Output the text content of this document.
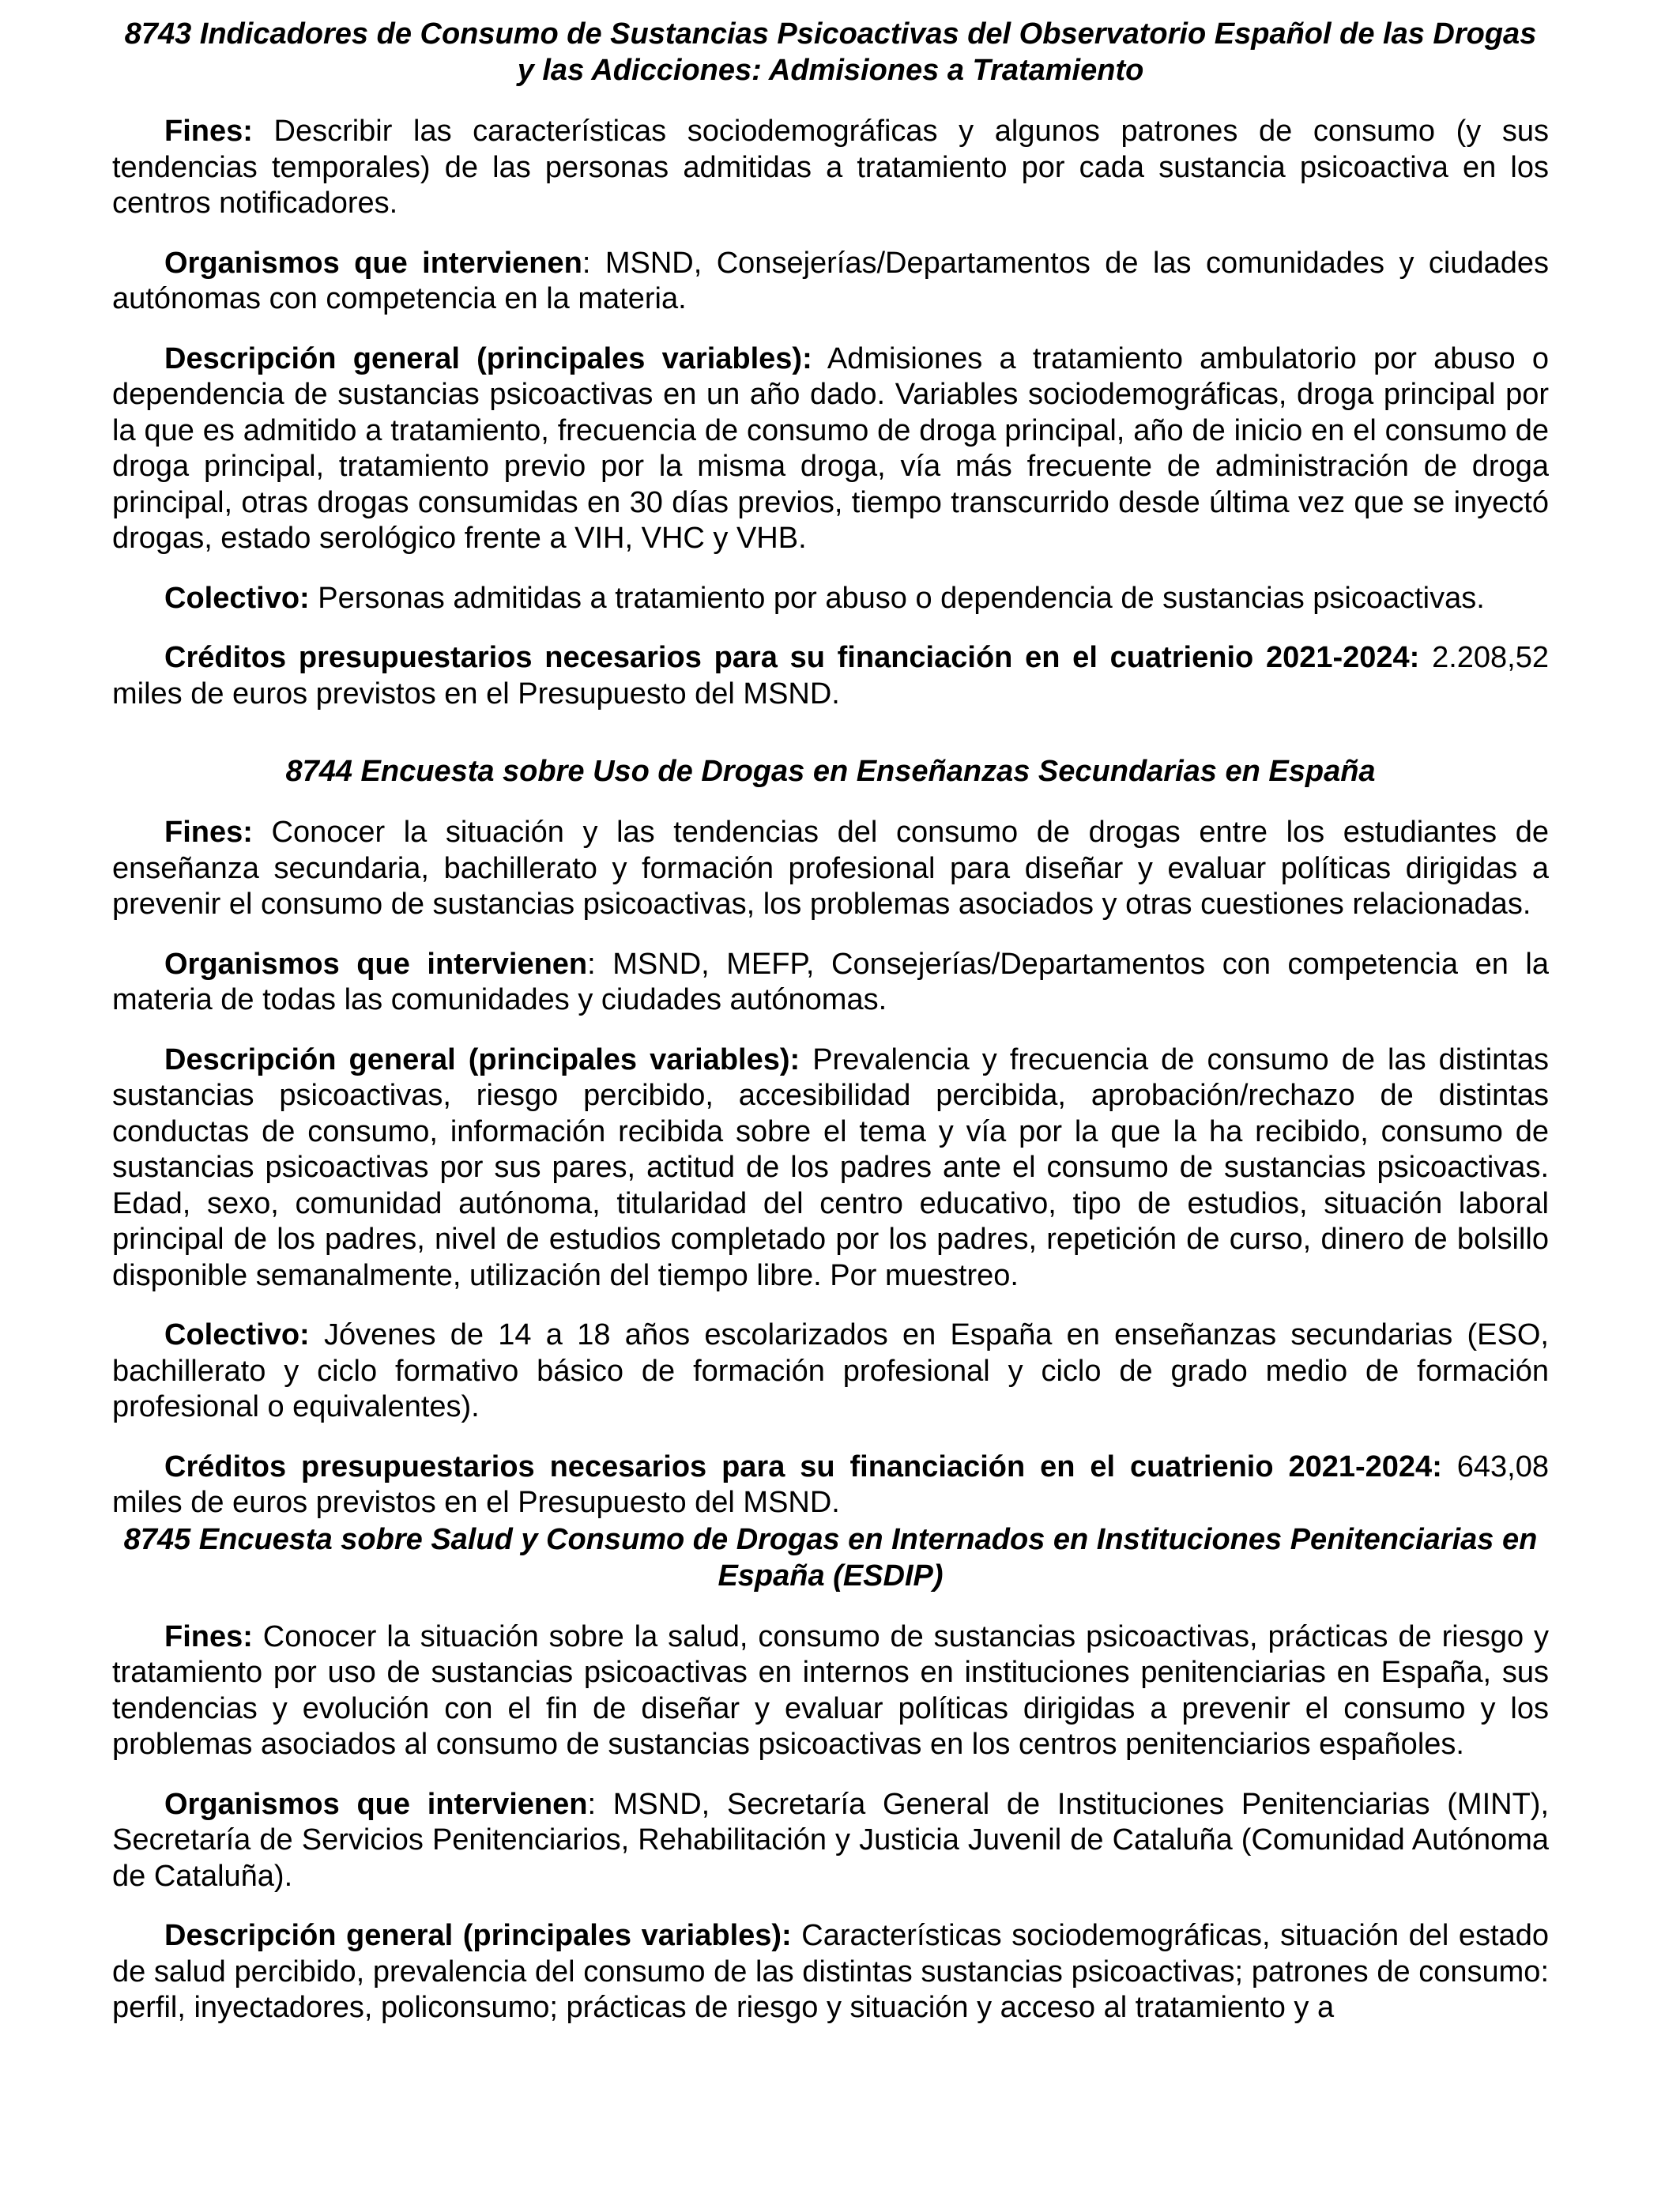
8743 Indicadores de Consumo de Sustancias Psicoactivas del Observatorio Español de las Drogas y las Adicciones: Admisiones a Tratamiento

Fines: Describir las características sociodemográficas y algunos patrones de consumo (y sus tendencias temporales) de las personas admitidas a tratamiento por cada sustancia psicoactiva en los centros notificadores.

Organismos que intervienen: MSND, Consejerías/Departamentos de las comunidades y ciudades autónomas con competencia en la materia.

Descripción general (principales variables): Admisiones a tratamiento ambulatorio por abuso o dependencia de sustancias psicoactivas en un año dado. Variables sociodemográficas, droga principal por la que es admitido a tratamiento, frecuencia de consumo de droga principal, año de inicio en el consumo de droga principal, tratamiento previo por la misma droga, vía más frecuente de administración de droga principal, otras drogas consumidas en 30 días previos, tiempo transcurrido desde última vez que se inyectó drogas, estado serológico frente a VIH, VHC y VHB.

Colectivo: Personas admitidas a tratamiento por abuso o dependencia de sustancias psicoactivas.

Créditos presupuestarios necesarios para su financiación en el cuatrienio 2021-2024: 2.208,52 miles de euros previstos en el Presupuesto del MSND.

8744 Encuesta sobre Uso de Drogas en Enseñanzas Secundarias en España

Fines: Conocer la situación y las tendencias del consumo de drogas entre los estudiantes de enseñanza secundaria, bachillerato y formación profesional para diseñar y evaluar políticas dirigidas a prevenir el consumo de sustancias psicoactivas, los problemas asociados y otras cuestiones relacionadas.

Organismos que intervienen: MSND, MEFP, Consejerías/Departamentos con competencia en la materia de todas las comunidades y ciudades autónomas.

Descripción general (principales variables): Prevalencia y frecuencia de consumo de las distintas sustancias psicoactivas, riesgo percibido, accesibilidad percibida, aprobación/rechazo de distintas conductas de consumo, información recibida sobre el tema y vía por la que la ha recibido, consumo de sustancias psicoactivas por sus pares, actitud de los padres ante el consumo de sustancias psicoactivas. Edad, sexo, comunidad autónoma, titularidad del centro educativo, tipo de estudios, situación laboral principal de los padres, nivel de estudios completado por los padres, repetición de curso, dinero de bolsillo disponible semanalmente, utilización del tiempo libre. Por muestreo.

Colectivo: Jóvenes de 14 a 18 años escolarizados en España en enseñanzas secundarias (ESO, bachillerato y ciclo formativo básico de formación profesional y ciclo de grado medio de formación profesional o equivalentes).

Créditos presupuestarios necesarios para su financiación en el cuatrienio 2021-2024: 643,08 miles de euros previstos en el Presupuesto del MSND.

8745 Encuesta sobre Salud y Consumo de Drogas en Internados en Instituciones Penitenciarias en España (ESDIP)

Fines: Conocer la situación sobre la salud, consumo de sustancias psicoactivas, prácticas de riesgo y tratamiento por uso de sustancias psicoactivas en internos en instituciones penitenciarias en España, sus tendencias y evolución con el fin de diseñar y evaluar políticas dirigidas a prevenir el consumo y los problemas asociados al consumo de sustancias psicoactivas en los centros penitenciarios españoles.

Organismos que intervienen: MSND, Secretaría General de Instituciones Penitenciarias (MINT), Secretaría de Servicios Penitenciarios, Rehabilitación y Justicia Juvenil de Cataluña (Comunidad Autónoma de Cataluña).

Descripción general (principales variables): Características sociodemográficas, situación del estado de salud percibido, prevalencia del consumo de las distintas sustancias psicoactivas; patrones de consumo: perfil, inyectadores, policonsumo; prácticas de riesgo y situación y acceso al tratamiento y a
